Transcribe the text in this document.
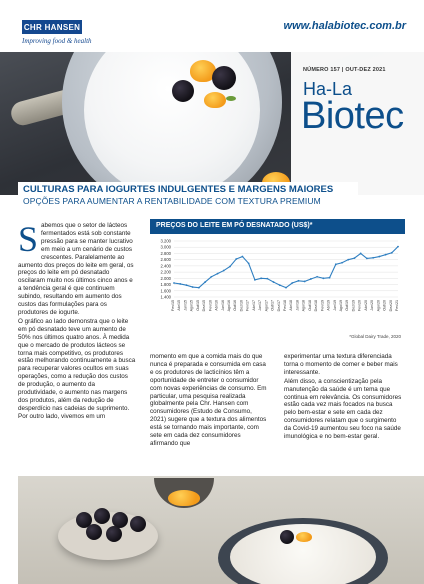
CHR HANSEN
Improving food & health
www.halabiotec.com.br
NÚMERO 157 | OUT-DEZ 2021
Ha-La
Biotec
CULTURAS PARA IOGURTES INDULGENTES E MARGENS MAIORES
OPÇÕES PARA AUMENTAR A RENTABILIDADE COM TEXTURA PREMIUM
S abemos que o setor de lácteos fermentados está sob constante pressão para se manter lucrativo em meio a um cenário de custos crescentes. Paralelamente ao aumento dos preços do leite em geral, os preços do leite em pó desnatado oscilaram muito nos últimos cinco anos e a tendência geral é que continuem subindo, resultando em aumento dos custos das formulações para os produtores de iogurte.

O gráfico ao lado demonstra que o leite em pó desnatado teve um aumento de 50% nos últimos quatro anos. À medida que o mercado de produtos lácteos se torna mais competitivo, os produtores estão melhorando continuamente a busca para recuperar valores ocultos em suas operações, como a redução dos custos de produção, o aumento da produtividade, o aumento nas margens dos produtos, além da redução de desperdício nas cadeias de suprimento. Por outro lado, vivemos em um

PREÇOS DO LEITE EM PÓ DESNATADO (US$)*
1.400
1.600
1.800
2.000
2.200
2.400
2.600
2.800
3.000
3.200
Fev/15 Abr/15 Jun/15 Ago/15 Out/15 Dez/15 Fev/16 Abr/16 Jun/16 Ago/16 Out/16 Dez/16 Fev/17 Abr/17 Jun/17 Ago/17 Out/17 Dez/17 Fev/18 Abr/18 Jun/18 Ago/18 Out/18 Dez/18 Fev/19 Abr/19 Jun/19 Ago/19 Out/19 Dez/19 Fev/20 Abr/20 Jun/20 Ago/20 Out/20 Dez/20 Fev/21
*Global Dairy Trade, 2020

momento em que a comida mais do que nunca é preparada e consumida em casa e os produtores de lacticínios têm a oportunidade de entreter o consumidor com novas experiências de consumo. Em particular, uma pesquisa realizada globalmente pela Chr. Hansen com consumidores (Estudo de Consumo, 2021) sugere que a textura dos alimentos está se tornando mais importante, com sete em cada dez consumidores afirmando que

experimentar uma textura diferenciada torna o momento de comer e beber mais interessante.

Além disso, a conscientização pela manutenção da saúde é um tema que continua em relevância. Os consumidores estão cada vez mais focados na busca pelo bem-estar e sete em cada dez consumidores relatam que o surgimento da Covid-19 aumentou seu foco na saúde imunológica e no bem-estar geral.
